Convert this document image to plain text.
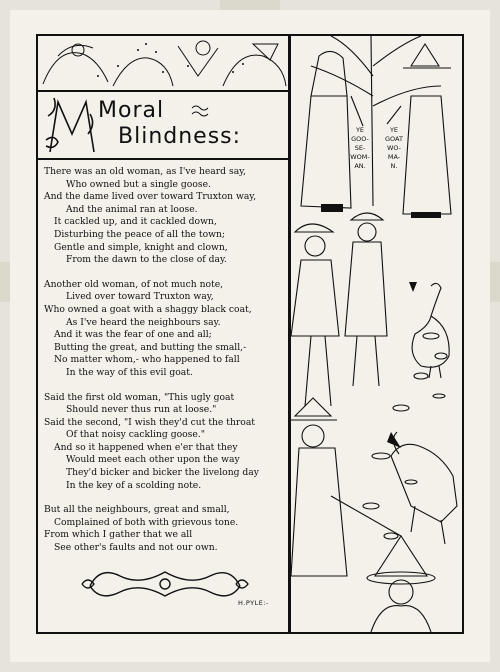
Moral
Blindness:
There was an old woman, as I've heard say,
Who owned but a single goose.
And the dame lived over toward Truxton way,
And the animal ran at loose.
It cackled up, and it cackled down,
Disturbing the peace of all the town;
Gentle and simple, knight and clown,
From the dawn to the close of day.
Another old woman, of not much note,
Lived over toward Truxton way,
Who owned a goat with a shaggy black coat,
As I've heard the neighbours say.
And it was the fear of one and all;
Butting the great, and butting the small,-
No matter whom,- who happened to fall
In the way of this evil goat.
Said the first old woman, "This ugly goat
Should never thus run at loose."
Said the second, "I wish they'd cut the throat
Of that noisy cackling goose."
And so it happened when e'er that they
Would meet each other upon the way
They'd bicker and bicker the livelong day
In the key of a scolding note.
But all the neighbours, great and small,
Complained of both with grievous tone.
From which I gather that we all
See other's faults and not our own.
H.PYLE:-
YE
GOO-
SE-
WOM-
AN.
YE
GOAT
WO-
MA-
N.
